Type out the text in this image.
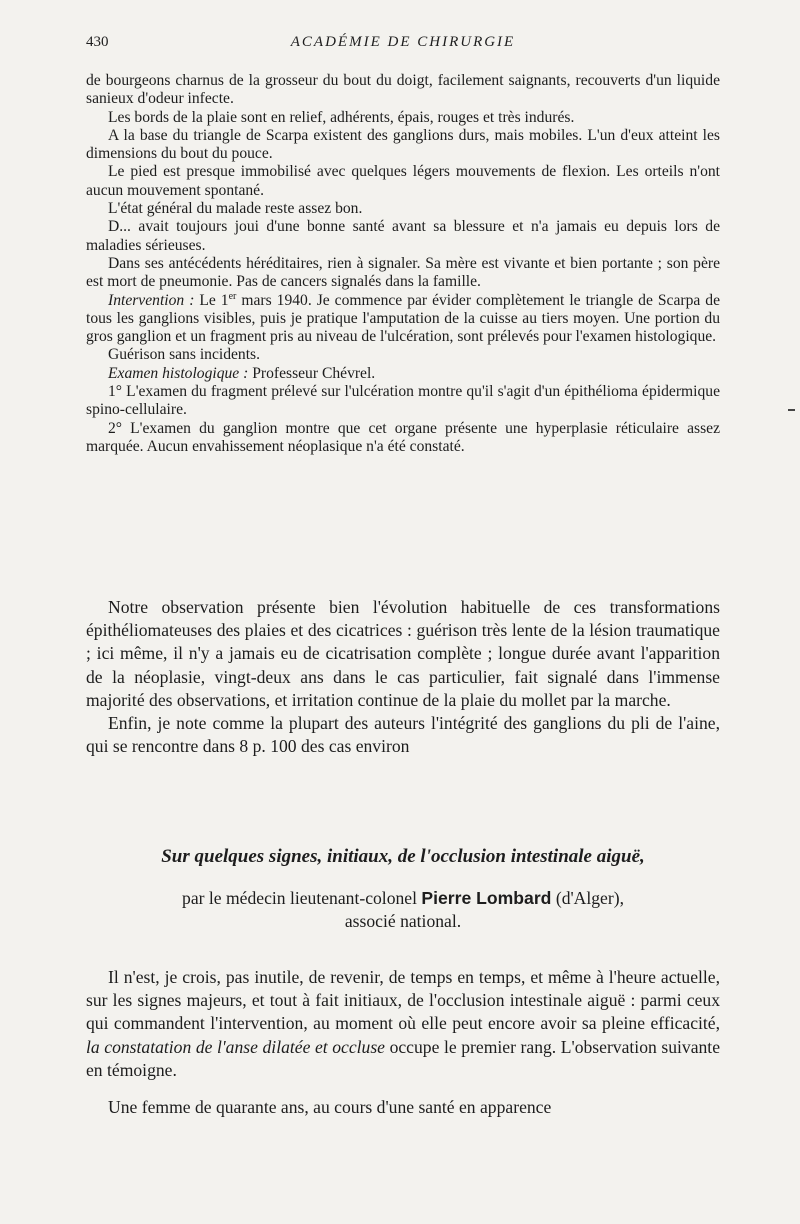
430	ACADÉMIE DE CHIRURGIE

de bourgeons charnus de la grosseur du bout du doigt, facilement saignants, recouverts d'un liquide sanieux d'odeur infecte.

Les bords de la plaie sont en relief, adhérents, épais, rouges et très indurés.

A la base du triangle de Scarpa existent des ganglions durs, mais mobiles. L'un d'eux atteint les dimensions du bout du pouce.

Le pied est presque immobilisé avec quelques légers mouvements de flexion. Les orteils n'ont aucun mouvement spontané.

L'état général du malade reste assez bon.

D... avait toujours joui d'une bonne santé avant sa blessure et n'a jamais eu depuis lors de maladies sérieuses.

Dans ses antécédents héréditaires, rien à signaler. Sa mère est vivante et bien portante ; son père est mort de pneumonie. Pas de cancers signalés dans la famille.

Intervention : Le 1er mars 1940. Je commence par évider complètement le triangle de Scarpa de tous les ganglions visibles, puis je pratique l'amputation de la cuisse au tiers moyen. Une portion du gros ganglion et un fragment pris au niveau de l'ulcération, sont prélevés pour l'examen histologique.

Guérison sans incidents.

Examen histologique : Professeur Chévrel.

1° L'examen du fragment prélevé sur l'ulcération montre qu'il s'agit d'un épithélioma épidermique spino-cellulaire.

2° L'examen du ganglion montre que cet organe présente une hyperplasie réticulaire assez marquée. Aucun envahissement néoplasique n'a été constaté.

Notre observation présente bien l'évolution habituelle de ces transformations épithéliomateuses des plaies et des cicatrices : guérison très lente de la lésion traumatique ; ici même, il n'y a jamais eu de cicatrisation complète ; longue durée avant l'apparition de la néoplasie, vingt-deux ans dans le cas particulier, fait signalé dans l'immense majorité des observations, et irritation continue de la plaie du mollet par la marche.

Enfin, je note comme la plupart des auteurs l'intégrité des ganglions du pli de l'aine, qui se rencontre dans 8 p. 100 des cas environ

Sur quelques signes, initiaux, de l'occlusion intestinale aiguë,
par le médecin lieutenant-colonel Pierre Lombard (d'Alger),
associé national.

Il n'est, je crois, pas inutile, de revenir, de temps en temps, et même à l'heure actuelle, sur les signes majeurs, et tout à fait initiaux, de l'occlusion intestinale aiguë : parmi ceux qui commandent l'intervention, au moment où elle peut encore avoir sa pleine efficacité, la constatation de l'anse dilatée et occluse occupe le premier rang. L'observation suivante en témoigne.

Une femme de quarante ans, au cours d'une santé en apparence
